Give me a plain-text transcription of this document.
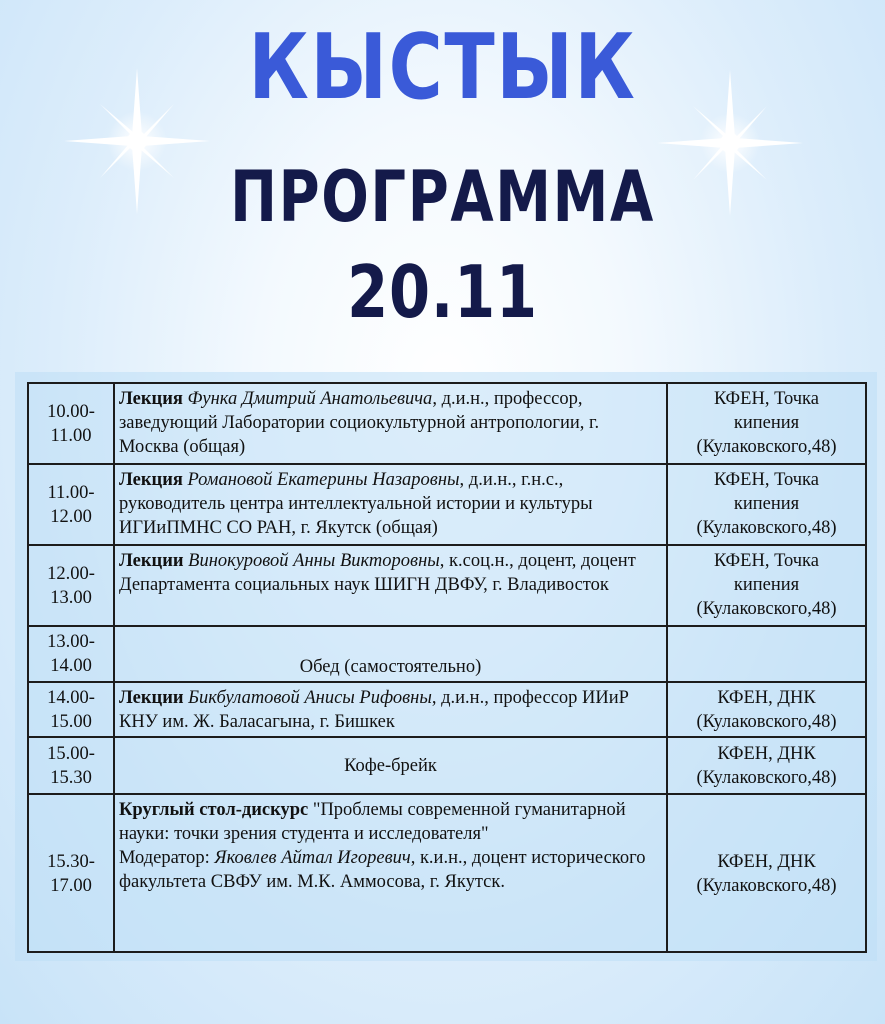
КЫСТЫК
ПРОГРАММА
20.11
10.00-
11.00	Лекция Функа Дмитрий Анатольевича, д.и.н., профессор, заведующий Лаборатории социокультурной антропологии, г. Москва (общая)	КФЕН, Точка
кипения
(Кулаковского,48)

11.00-
12.00	Лекция Романовой Екатерины Назаровны, д.и.н., г.н.с., руководитель центра интеллектуальной истории и культуры ИГИиПМНС СО РАН, г. Якутск (общая)	КФЕН, Точка
кипения
(Кулаковского,48)

12.00-
13.00	Лекции Винокуровой Анны Викторовны, к.соц.н., доцент, доцент Департамента социальных наук ШИГН ДВФУ, г. Владивосток	КФЕН, Точка
кипения
(Кулаковского,48)

13.00-
14.00	Обед (самостоятельно)	

14.00-
15.00	Лекции Бикбулатовой Анисы Рифовны, д.и.н., профессор ИИиР КНУ им. Ж. Баласагына, г. Бишкек	КФЕН, ДНК
(Кулаковского,48)

15.00-
15.30	Кофе-брейк	КФЕН, ДНК
(Кулаковского,48)

15.30-
17.00	Круглый стол-дискурс "Проблемы современной гуманитарной науки: точки зрения студента и исследователя"
Модератор: Яковлев Айтал Игоревич, к.и.н., доцент исторического факультета СВФУ им. М.К. Аммосова, г. Якутск.	КФЕН, ДНК
(Кулаковского,48)
